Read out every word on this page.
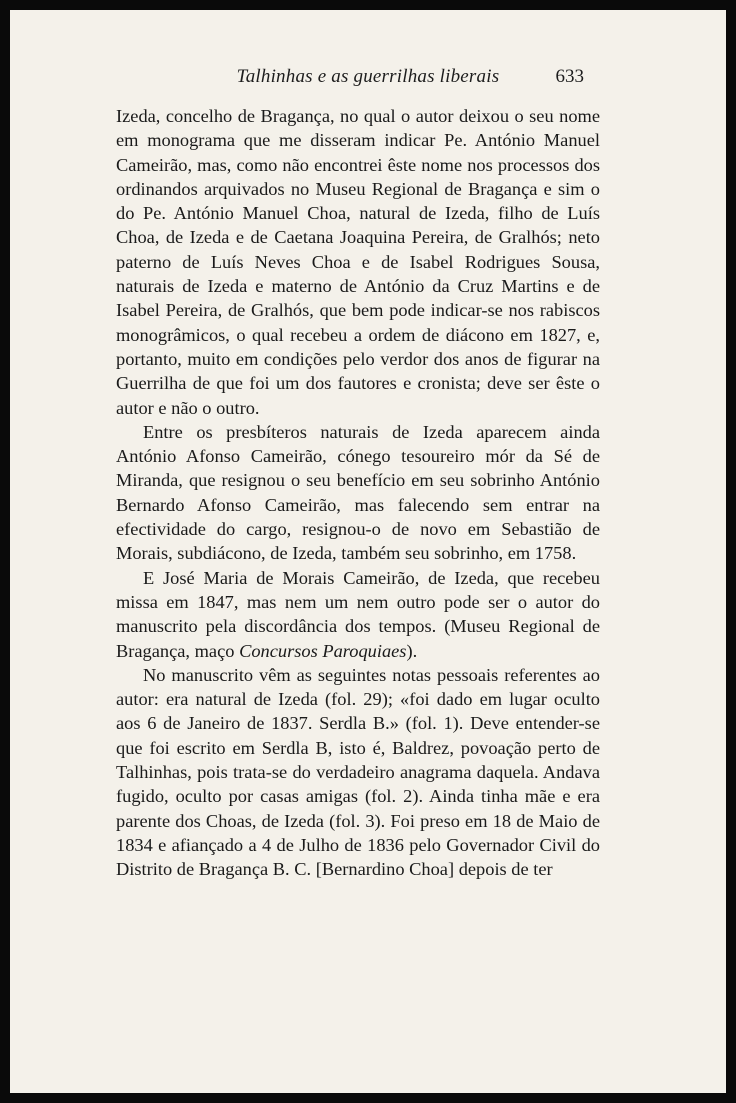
Talhinhas e as guerrilhas liberais	633

Izeda, concelho de Bragança, no qual o autor deixou o seu nome em monograma que me disseram indicar Pe. António Manuel Cameirão, mas, como não encontrei êste nome nos processos dos ordinandos arquivados no Museu Regional de Bragança e sim o do Pe. António Manuel Choa, natural de Izeda, filho de Luís Choa, de Izeda e de Caetana Joaquina Pereira, de Gralhós; neto paterno de Luís Neves Choa e de Isabel Rodrigues Sousa, naturais de Izeda e materno de António da Cruz Martins e de Isabel Pereira, de Gralhós, que bem pode indicar-se nos rabiscos monogrâmicos, o qual recebeu a ordem de diácono em 1827, e, portanto, muito em condições pelo verdor dos anos de figurar na Guerrilha de que foi um dos fautores e cronista; deve ser êste o autor e não o outro.

Entre os presbíteros naturais de Izeda aparecem ainda António Afonso Cameirão, cónego tesoureiro mór da Sé de Miranda, que resignou o seu benefício em seu sobrinho António Bernardo Afonso Cameirão, mas falecendo sem entrar na efectividade do cargo, resignou-o de novo em Sebastião de Morais, subdiácono, de Izeda, também seu sobrinho, em 1758.

E José Maria de Morais Cameirão, de Izeda, que recebeu missa em 1847, mas nem um nem outro pode ser o autor do manuscrito pela discordância dos tempos. (Museu Regional de Bragança, maço Concursos Paroquiaes).

No manuscrito vêm as seguintes notas pessoais referentes ao autor: era natural de Izeda (fol. 29); «foi dado em lugar oculto aos 6 de Janeiro de 1837. Serdla B.» (fol. 1). Deve entender-se que foi escrito em Serdla B, isto é, Baldrez, povoação perto de Talhinhas, pois trata-se do verdadeiro anagrama daquela. Andava fugido, oculto por casas amigas (fol. 2). Ainda tinha mãe e era parente dos Choas, de Izeda (fol. 3). Foi preso em 18 de Maio de 1834 e afiançado a 4 de Julho de 1836 pelo Governador Civil do Distrito de Bragança B. C. [Bernardino Choa] depois de ter
